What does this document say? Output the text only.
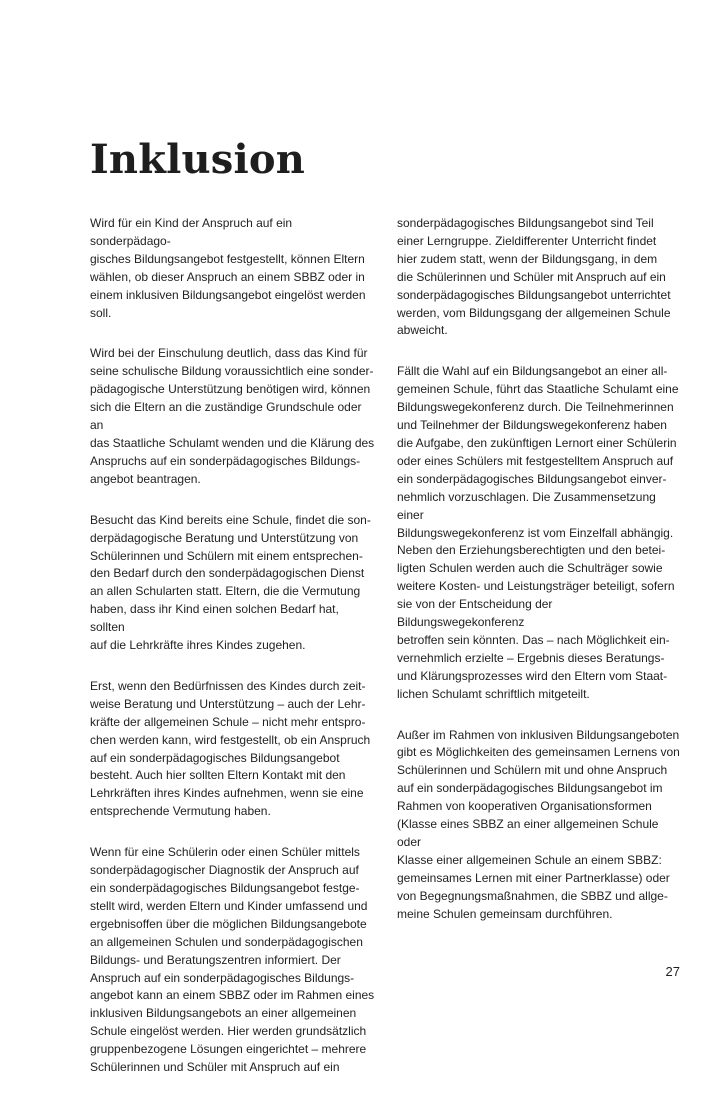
Inklusion

Wird für ein Kind der Anspruch auf ein sonderpädago-
gisches Bildungsangebot festgestellt, können Eltern
wählen, ob dieser Anspruch an einem SBBZ oder in
einem inklusiven Bildungsangebot eingelöst werden
soll.

Wird bei der Einschulung deutlich, dass das Kind für
seine schulische Bildung voraussichtlich eine sonder-
pädagogische Unterstützung benötigen wird, können
sich die Eltern an die zuständige Grundschule oder an
das Staatliche Schulamt wenden und die Klärung des
Anspruchs auf ein sonderpädagogisches Bildungs-
angebot beantragen.

Besucht das Kind bereits eine Schule, findet die son-
derpädagogische Beratung und Unterstützung von
Schülerinnen und Schülern mit einem entsprechen-
den Bedarf durch den sonderpädagogischen Dienst
an allen Schularten statt. Eltern, die die Vermutung
haben, dass ihr Kind einen solchen Bedarf hat, sollten
auf die Lehrkräfte ihres Kindes zugehen.

Erst, wenn den Bedürfnissen des Kindes durch zeit-
weise Beratung und Unterstützung – auch der Lehr-
kräfte der allgemeinen Schule – nicht mehr entspro-
chen werden kann, wird festgestellt, ob ein Anspruch
auf ein sonderpädagogisches Bildungsangebot
besteht. Auch hier sollten Eltern Kontakt mit den
Lehrkräften ihres Kindes aufnehmen, wenn sie eine
entsprechende Vermutung haben.

Wenn für eine Schülerin oder einen Schüler mittels
sonderpädagogischer Diagnostik der Anspruch auf
ein sonderpädagogisches Bildungsangebot festge-
stellt wird, werden Eltern und Kinder umfassend und
ergebnisoffen über die möglichen Bildungsangebote
an allgemeinen Schulen und sonderpädagogischen
Bildungs- und Beratungszentren informiert. Der
Anspruch auf ein sonderpädagogisches Bildungs-
angebot kann an einem SBBZ oder im Rahmen eines
inklusiven Bildungsangebots an einer allgemeinen
Schule eingelöst werden. Hier werden grundsätzlich
gruppenbezogene Lösungen eingerichtet – mehrere
Schülerinnen und Schüler mit Anspruch auf ein

sonderpädagogisches Bildungsangebot sind Teil
einer Lerngruppe. Zieldifferenter Unterricht findet
hier zudem statt, wenn der Bildungsgang, in dem
die Schülerinnen und Schüler mit Anspruch auf ein
sonderpädagogisches Bildungsangebot unterrichtet
werden, vom Bildungsgang der allgemeinen Schule
abweicht.

Fällt die Wahl auf ein Bildungsangebot an einer all-
gemeinen Schule, führt das Staatliche Schulamt eine
Bildungswegekonferenz durch. Die Teilnehmerinnen
und Teilnehmer der Bildungswegekonferenz haben
die Aufgabe, den zukünftigen Lernort einer Schülerin
oder eines Schülers mit festgestelltem Anspruch auf
ein sonderpädagogisches Bildungsangebot einver-
nehmlich vorzuschlagen. Die Zusammensetzung einer
Bildungswegekonferenz ist vom Einzelfall abhängig.
Neben den Erziehungsberechtigten und den betei-
ligten Schulen werden auch die Schulträger sowie
weitere Kosten- und Leistungsträger beteiligt, sofern
sie von der Entscheidung der Bildungswegekonferenz
betroffen sein könnten. Das – nach Möglichkeit ein-
vernehmlich erzielte – Ergebnis dieses Beratungs-
und Klärungsprozesses wird den Eltern vom Staat-
lichen Schulamt schriftlich mitgeteilt.

Außer im Rahmen von inklusiven Bildungsangeboten
gibt es Möglichkeiten des gemeinsamen Lernens von
Schülerinnen und Schülern mit und ohne Anspruch
auf ein sonderpädagogisches Bildungsangebot im
Rahmen von kooperativen Organisationsformen
(Klasse eines SBBZ an einer allgemeinen Schule oder
Klasse einer allgemeinen Schule an einem SBBZ:
gemeinsames Lernen mit einer Partnerklasse) oder
von Begegnungsmaßnahmen, die SBBZ und allge-
meine Schulen gemeinsam durchführen.

27
